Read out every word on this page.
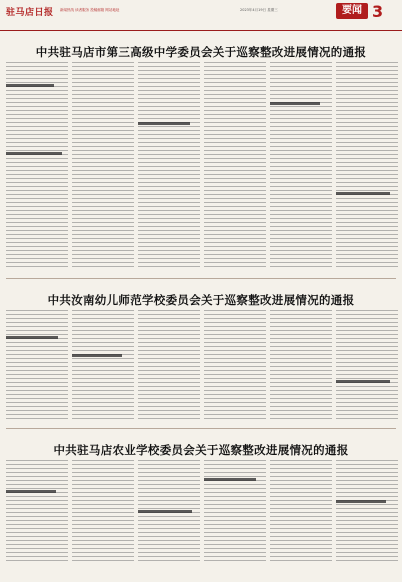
驻马店日报 新闻热线 读者服务 投稿邮箱 网站地址	2023年4月19日 星期三	要闻 3
中共驻马店市第三高级中学委员会关于巡察整改进展情况的通报
中共汝南幼儿师范学校委员会关于巡察整改进展情况的通报
中共驻马店农业学校委员会关于巡察整改进展情况的通报
